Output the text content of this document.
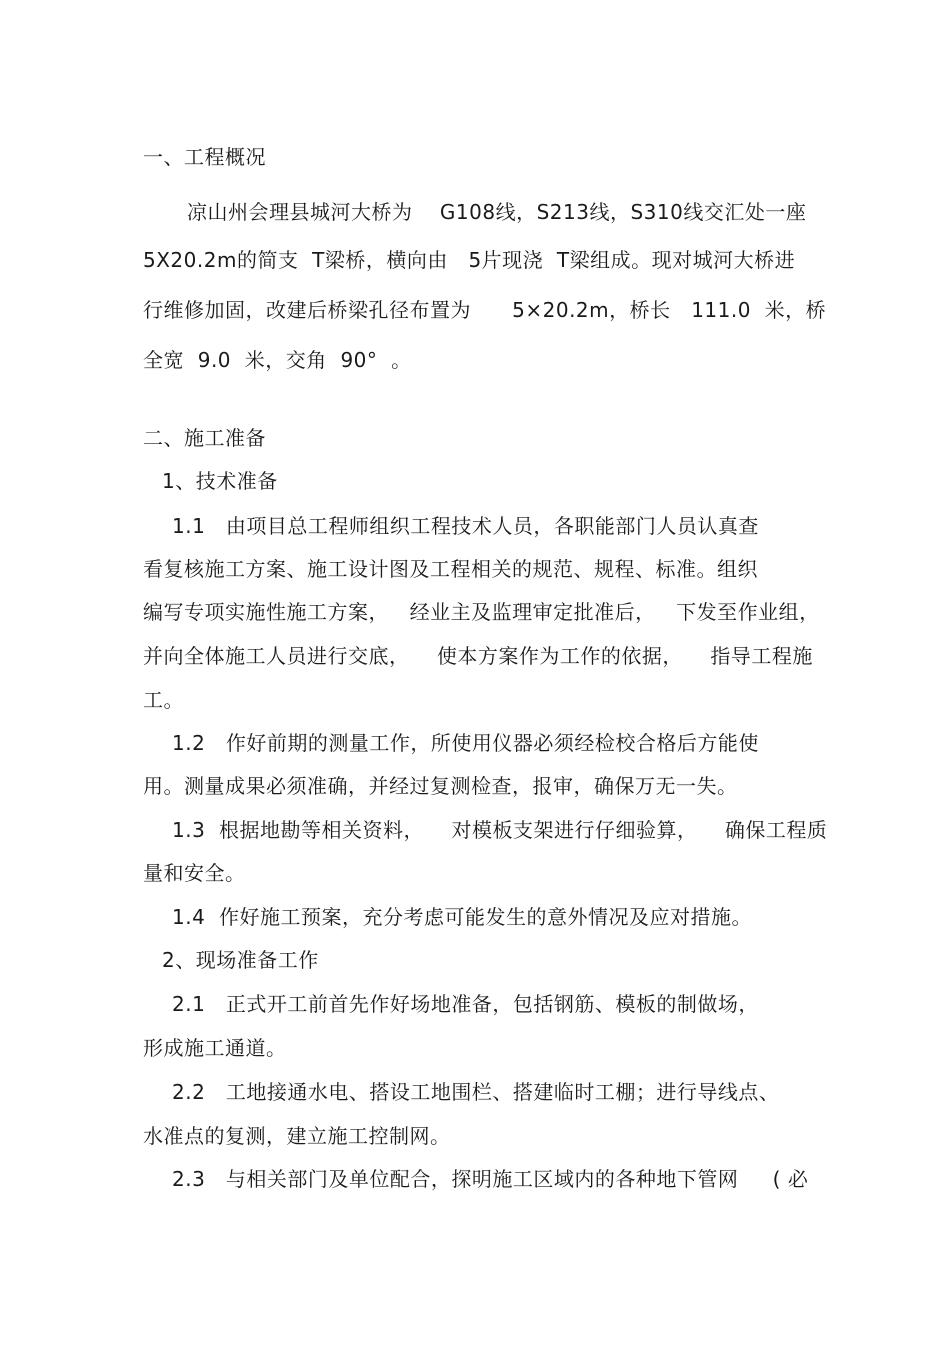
一、工程概况
凉山州会理县城河大桥为    G108线，S213线，S310线交汇处一座
5X20.2m的简支  T梁桥，横向由   5片现浇  T梁组成。现对城河大桥进
行维修加固，改建后桥梁孔径布置为      5×20.2m，桥长   111.0  米，桥
全宽  9.0  米，交角  90°  。
二、施工准备
1、技术准备
1.1   由项目总工程师组织工程技术人员，各职能部门人员认真查
看复核施工方案、施工设计图及工程相关的规范、规程、标准。组织
编写专项实施性施工方案，   经业主及监理审定批准后，   下发至作业组，
并向全体施工人员进行交底，    使本方案作为工作的依据，    指导工程施
工。
1.2   作好前期的测量工作，所使用仪器必须经检校合格后方能使
用。测量成果必须准确，并经过复测检查，报审，确保万无一失。
1.3  根据地勘等相关资料，    对模板支架进行仔细验算，    确保工程质
量和安全。
1.4  作好施工预案，充分考虑可能发生的意外情况及应对措施。
2、现场准备工作
2.1   正式开工前首先作好场地准备，包括钢筋、模板的制做场，
形成施工通道。
2.2   工地接通水电、搭设工地围栏、搭建临时工棚；进行导线点、
水准点的复测，建立施工控制网。
2.3   与相关部门及单位配合，探明施工区域内的各种地下管网     ( 必
